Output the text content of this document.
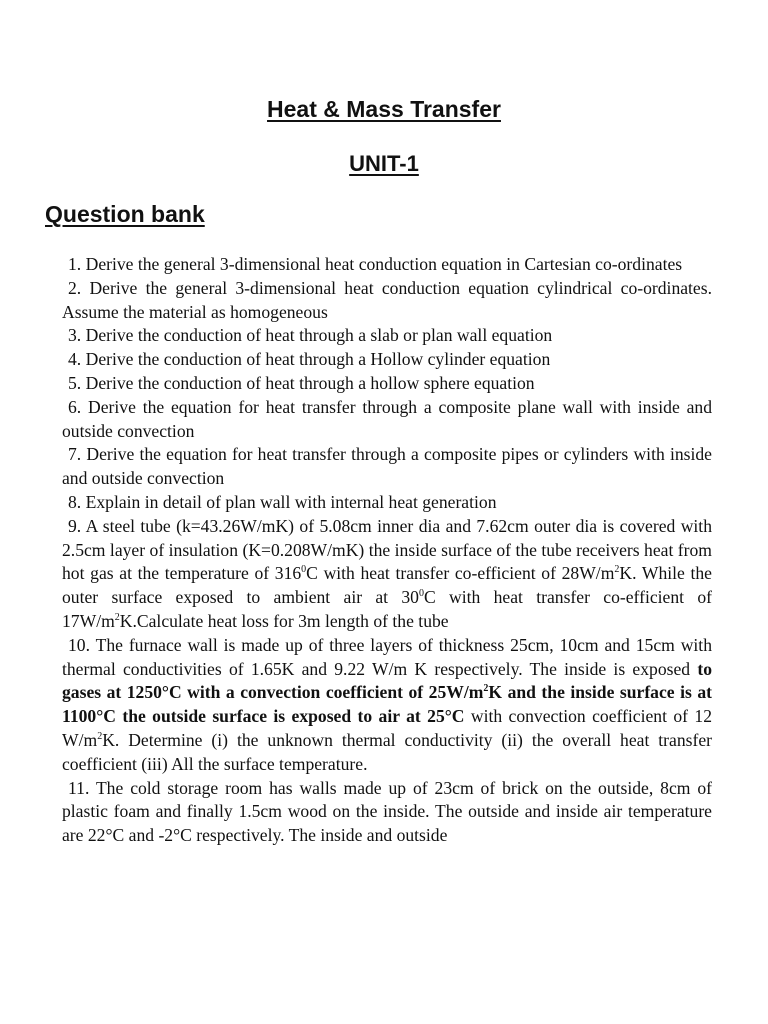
Heat & Mass Transfer
UNIT-1
Question bank
1. Derive the general 3-dimensional heat conduction equation in Cartesian co-ordinates
2. Derive the general 3-dimensional heat conduction equation cylindrical co-ordinates. Assume the material as homogeneous
3. Derive the conduction of heat through a slab or plan wall equation
4. Derive the conduction of heat through a Hollow cylinder equation
5. Derive the conduction of heat through a hollow sphere equation
6. Derive the equation for heat transfer through a composite plane wall with inside and outside convection
7. Derive the equation for heat transfer through a composite pipes or cylinders with inside and outside convection
8. Explain in detail of plan wall with internal heat generation
9. A steel tube (k=43.26W/mK) of 5.08cm inner dia and 7.62cm outer dia is covered with 2.5cm layer of insulation (K=0.208W/mK) the inside surface of the tube receivers heat from hot gas at the temperature of $316^0C$ with heat transfer co-efficient of $28W/m^2K$. While the outer surface exposed to ambient air at $30^0C$ with heat transfer co-efficient of $17W/m^2K.Calculate$ heat loss for 3m length of the tube
10. The furnace wall is made up of three layers of thickness 25cm, 10cm and 15cm with thermal conductivities of 1.65K and 9.22 W/m K respectively. The inside is exposed to gases at 1250°C with a convection coefficient of $25W/m^2K$ and the inside surface is at 1100°C the outside surface is exposed to air at 25°C with convection coefficient of 12 $W/m^2K$. Determine (i) the unknown thermal conductivity (ii) the overall heat transfer coefficient (iii) All the surface temperature.
11. The cold storage room has walls made up of 23cm of brick on the outside, 8cm of plastic foam and finally 1.5cm wood on the inside. The outside and inside air temperature are 22°C and -2°C respectively. The inside and outside
